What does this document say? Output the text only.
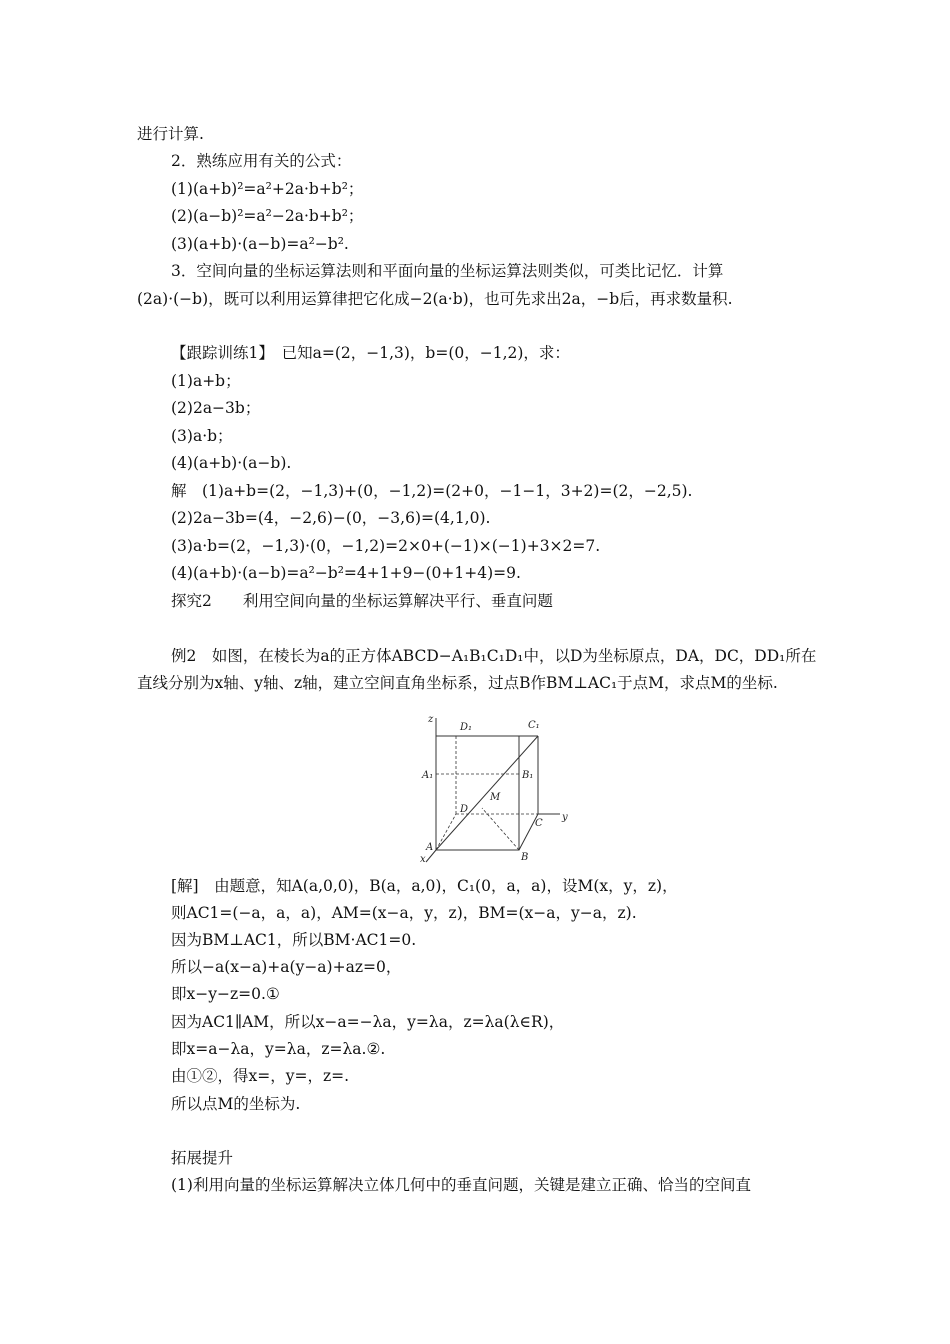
进行计算.
2．熟练应用有关的公式：
(1)(a+b)²=a²+2a·b+b²；
(2)(a−b)²=a²−2a·b+b²；
(3)(a+b)·(a−b)=a²−b².
3．空间向量的坐标运算法则和平面向量的坐标运算法则类似，可类比记忆．计算
(2a)·(−b)，既可以利用运算律把它化成−2(a·b)，也可先求出2a，−b后，再求数量积.
【跟踪训练1】　已知a=(2，−1,3)，b=(0，−1,2)，求：
(1)a+b；
(2)2a−3b；
(3)a·b；
(4)(a+b)·(a−b).
解　(1)a+b=(2，−1,3)+(0，−1,2)=(2+0，−1−1，3+2)=(2，−2,5).
(2)2a−3b=(4，−2,6)−(0，−3,6)=(4,1,0).
(3)a·b=(2，−1,3)·(0，−1,2)=2×0+(−1)×(−1)+3×2=7.
(4)(a+b)·(a−b)=a²−b²=4+1+9−(0+1+4)=9.
探究2　　利用空间向量的坐标运算解决平行、垂直问题
例2　如图，在棱长为a的正方体ABCD−A₁B₁C₁D₁中，以D为坐标原点，DA，DC，DD₁所在
直线分别为x轴、y轴、z轴，建立空间直角坐标系，过点B作BM⊥AC₁于点M，求点M的坐标.
z
D₁	C₁
A₁	B₁
D
M
C
y
A
B
x
[解]　由题意，知A(a,0,0)，B(a，a,0)，C₁(0，a，a)，设M(x，y，z)，
则AC1=(−a，a，a)，AM=(x−a，y，z)，BM=(x−a，y−a，z).
因为BM⊥AC1，所以BM·AC1=0.
所以−a(x−a)+a(y−a)+az=0，
即x−y−z=0.①
因为AC1∥AM，所以x−a=−λa，y=λa，z=λa(λ∈R)，
即x=a−λa，y=λa，z=λa.②.
由①②，得x=，y=，z=.
所以点M的坐标为.
拓展提升
(1)利用向量的坐标运算解决立体几何中的垂直问题，关键是建立正确、恰当的空间直
